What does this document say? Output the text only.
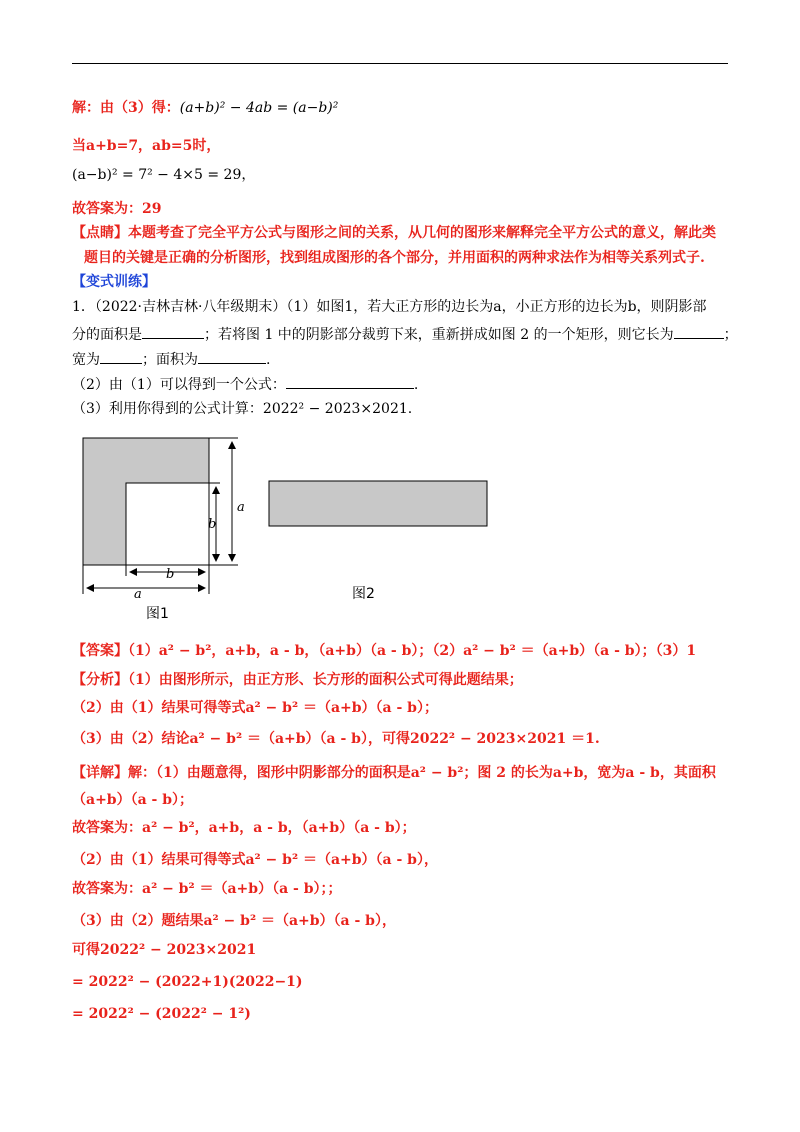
解：由（3）得：(a+b)² − 4ab = (a−b)²
当a+b=7，ab=5时，
(a−b)² = 7² − 4×5 = 29，
故答案为：29
【点睛】本题考查了完全平方公式与图形之间的关系，从几何的图形来解释完全平方公式的意义，解此类
题目的关键是正确的分析图形，找到组成图形的各个部分，并用面积的两种求法作为相等关系列式子.
【变式训练】
1．（2022·吉林吉林·八年级期末）（1）如图1，若大正方形的边长为a，小正方形的边长为b，则阴影部
分的面积是	；若将图 1 中的阴影部分裁剪下来，重新拼成如图 2 的一个矩形，则它长为	；
宽为	；面积为	.
（2）由（1）可以得到一个公式：	.
（3）利用你得到的公式计算：2022² − 2023×2021.
a
b
b
a
图1
图2
【答案】（1）a² − b²，a+b，a - b，（a+b）（a - b）；（2）a² − b² ＝（a+b）（a - b）；（3）1
【分析】（1）由图形所示，由正方形、长方形的面积公式可得此题结果；
（2）由（1）结果可得等式a² − b² ＝（a+b）（a - b）；
（3）由（2）结论a² − b² ＝（a+b）（a - b），可得2022² − 2023×2021 ＝1.
【详解】解：（1）由题意得，图形中阴影部分的面积是a² − b²；图 2 的长为a+b，宽为a - b，其面积
（a+b）（a - b）；
故答案为：a² − b²，a+b，a - b，（a+b）（a - b）；
（2）由（1）结果可得等式a² − b² ＝（a+b）（a - b），
故答案为：a² − b² ＝（a+b）（a - b）；；
（3）由（2）题结果a² − b² ＝（a+b）（a - b），
可得2022² − 2023×2021
= 2022² − (2022+1)(2022−1)
= 2022² − (2022² − 1²)
